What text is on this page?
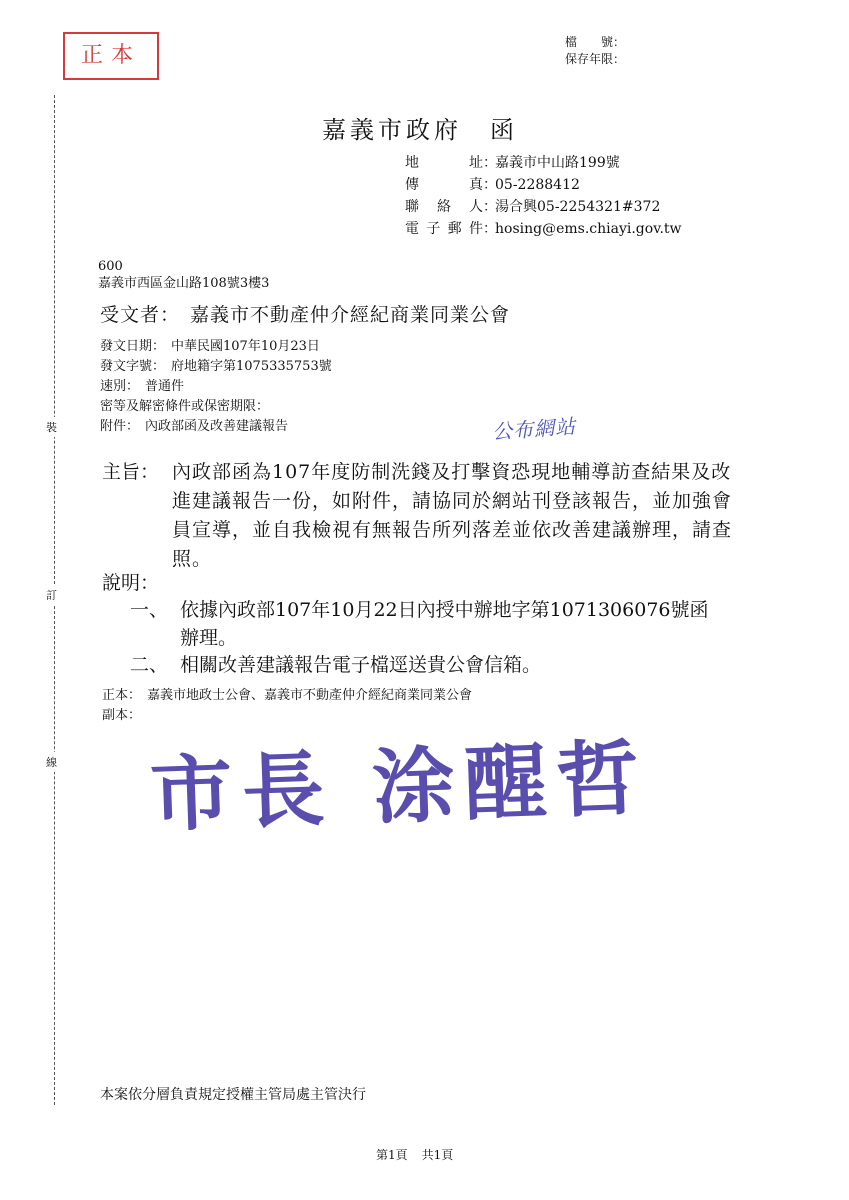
正本
檔　　號：
保存年限：
裝
訂
線
嘉義市政府　函
地址 ：
嘉義市中山路199號
傳真 ：
05-2288412
聯絡人 ：
湯合興05-2254321#372
電子郵件 ：
hosing@ems.chiayi.gov.tw
600
嘉義市西區金山路108號3樓3
受文者： 嘉義市不動產仲介經紀商業同業公會
發文日期： 中華民國107年10月23日
發文字號： 府地籍字第1075335753號
速別： 普通件
密等及解密條件或保密期限：
附件： 內政部函及改善建議報告	公布網站
主旨： 內政部函為107年度防制洗錢及打擊資恐現地輔導訪查結果及改進建議報告一份，如附件，請協同於網站刊登該報告，並加強會員宣導，並自我檢視有無報告所列落差並依改善建議辦理，請查照。
說明：
一、 依據內政部107年10月22日內授中辦地字第1071306076號函辦理。
二、 相關改善建議報告電子檔逕送貴公會信箱。
正本： 嘉義市地政士公會、嘉義市不動產仲介經紀商業同業公會
副本：
市長 涂醒哲
本案依分層負責規定授權主管局處主管決行
第1頁 共1頁
